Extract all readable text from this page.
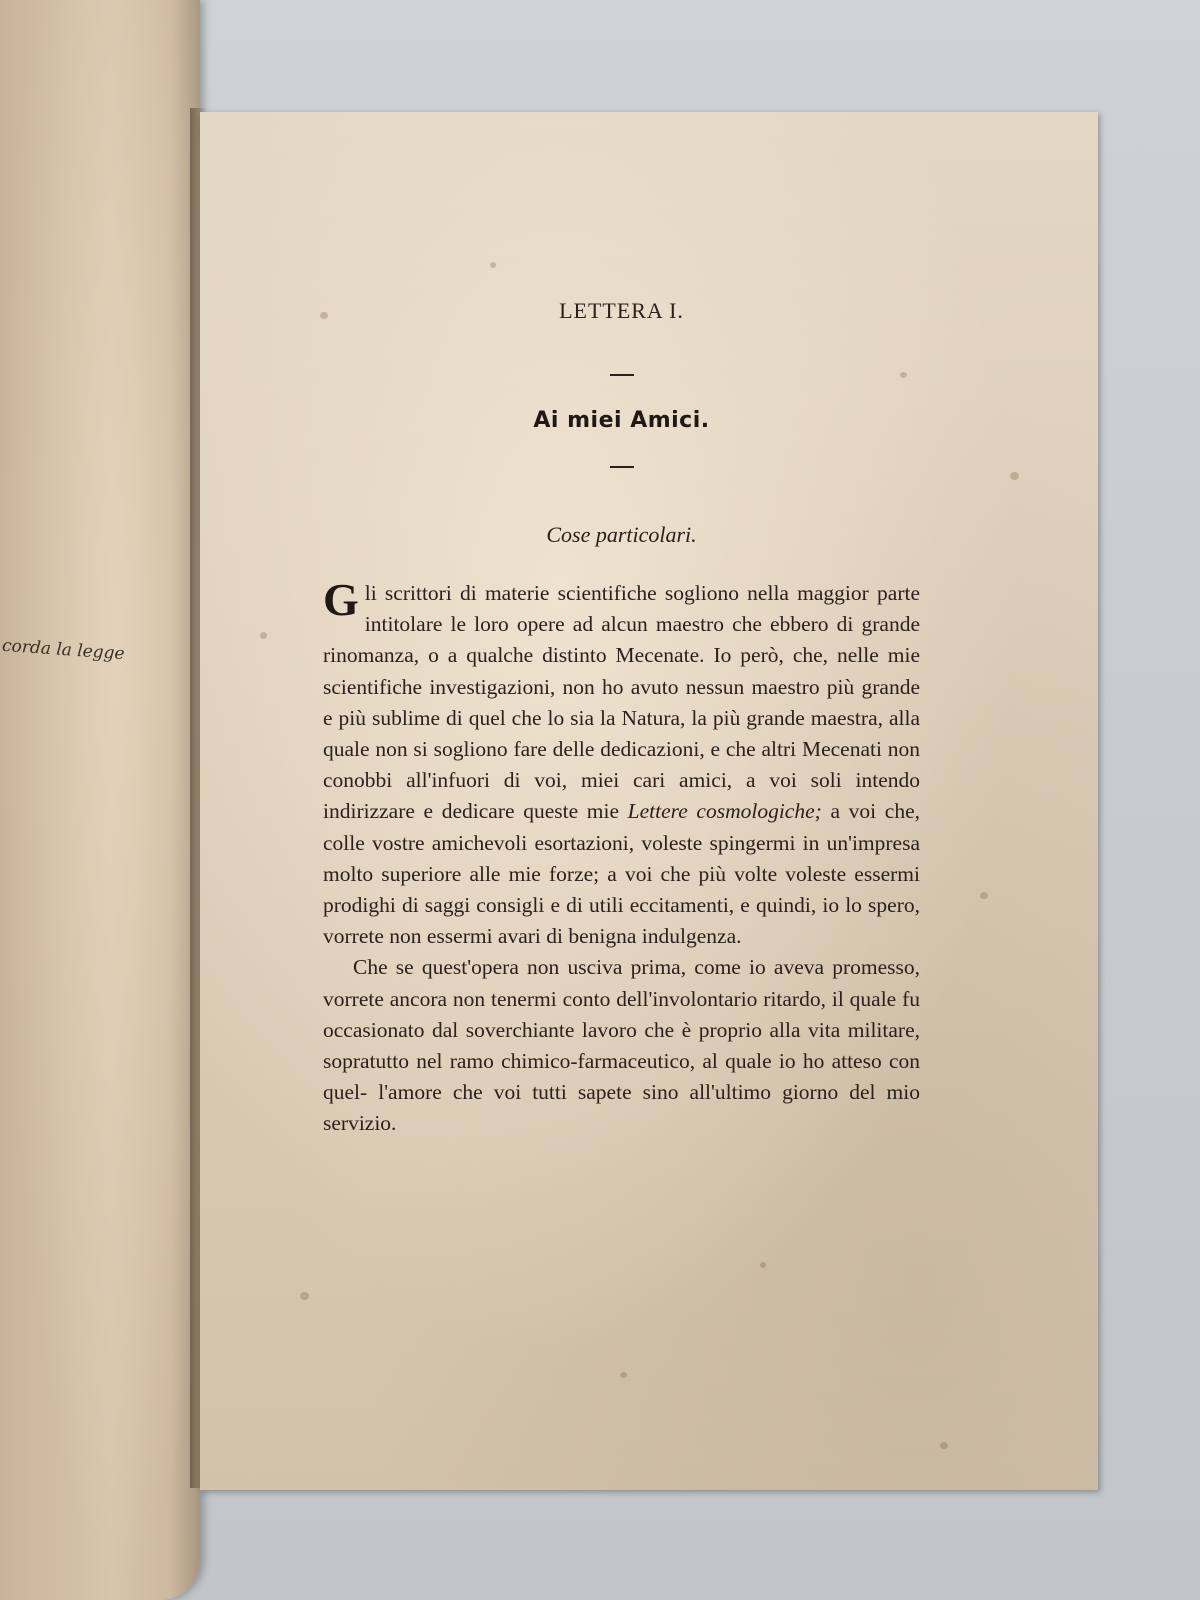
corda la legge
LETTERA I.
Ai miei Amici.
Cose particolari.

Gli scrittori di materie scientifiche sogliono nella maggior parte intitolare le loro opere ad alcun maestro che ebbero di grande rinomanza, o a qualche distinto Mecenate. Io però, che, nelle mie scientifiche investigazioni, non ho avuto nessun maestro più grande e più sublime di quel che lo sia la Natura, la più grande maestra, alla quale non si sogliono fare delle dedicazioni, e che altri Mecenati non conobbi all'infuori di voi, miei cari amici, a voi soli intendo indirizzare e dedicare queste mie Lettere cosmologiche; a voi che, colle vostre amichevoli esortazioni, voleste spingermi in un'impresa molto superiore alle mie forze; a voi che più volte voleste essermi prodighi di saggi consigli e di utili eccitamenti, e quindi, io lo spero, vorrete non essermi avari di benigna indulgenza.

Che se quest'opera non usciva prima, come io aveva promesso, vorrete ancora non tenermi conto dell'involontario ritardo, il quale fu occasionato dal soverchiante lavoro che è proprio alla vita militare, sopratutto nel ramo chimico-farmaceutico, al quale io ho atteso con quel- l'amore che voi tutti sapete sino all'ultimo giorno del mio servizio.
